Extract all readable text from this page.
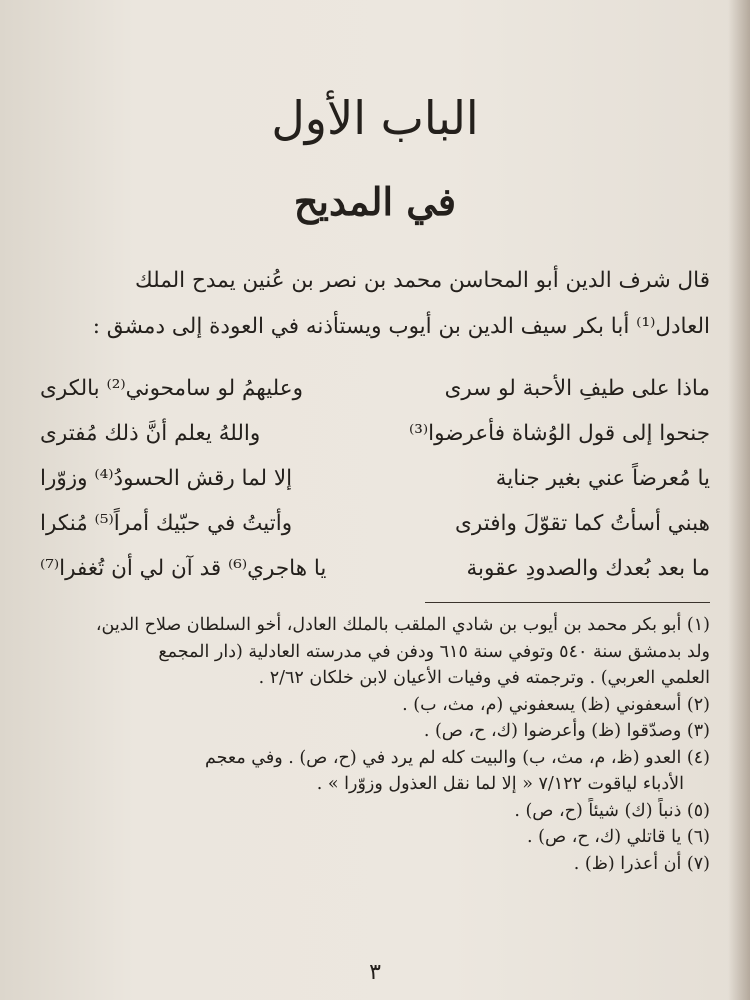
الباب الأول
في المديح
قال شرف الدين أبو المحاسن محمد بن نصر بن عُنين يمدح الملك
العادل⁽¹⁾ أبا بكر سيف الدين بن أيوب ويستأذنه في العودة إلى دمشق :
ماذا على طيفِ الأحبة لو سرى
وعليهمُ لو سامحوني⁽²⁾ بالكرى
جنحوا إلى قول الوُشاة فأعرضوا⁽³⁾
واللهُ يعلم أنَّ ذلك مُفترى
يا مُعرضاً عني بغير جناية
إلا لما رقش الحسودُ⁽⁴⁾ وزوّرا
هبني أسأتُ كما تقوّلَ وافترى
وأتيتُ في حبّيك أمراً⁽⁵⁾ مُنكرا
ما بعد بُعدك والصدودِ عقوبة
يا هاجري⁽⁶⁾ قد آن لي أن تُغفرا⁽⁷⁾
(١) أبو بكر محمد بن أيوب بن شادي الملقب بالملك العادل، أخو السلطان صلاح الدين،
ولد بدمشق سنة ٥٤٠ وتوفي سنة ٦١٥ ودفن في مدرسته العادلية (دار المجمع
العلمي العربي) . وترجمته في وفيات الأعيان لابن خلكان ٢/٦٢ .
(٢) أسعفوني (ظ) يسعفوني (م، مث، ب) .
(٣) وصدّقوا (ظ) وأعرضوا (ك، ح، ص) .
(٤) العدو (ظ، م، مث، ب) والبيت كله لم يرد في (ح، ص) . وفي معجم
الأدباء لياقوت ٧/١٢٢ « إلا لما نقل العذول وزوّرا » .
(٥) ذنباً (ك) شيئاً (ح، ص) .
(٦) يا قاتلي (ك، ح، ص) .
(٧) أن أعذرا (ظ) .
٣
